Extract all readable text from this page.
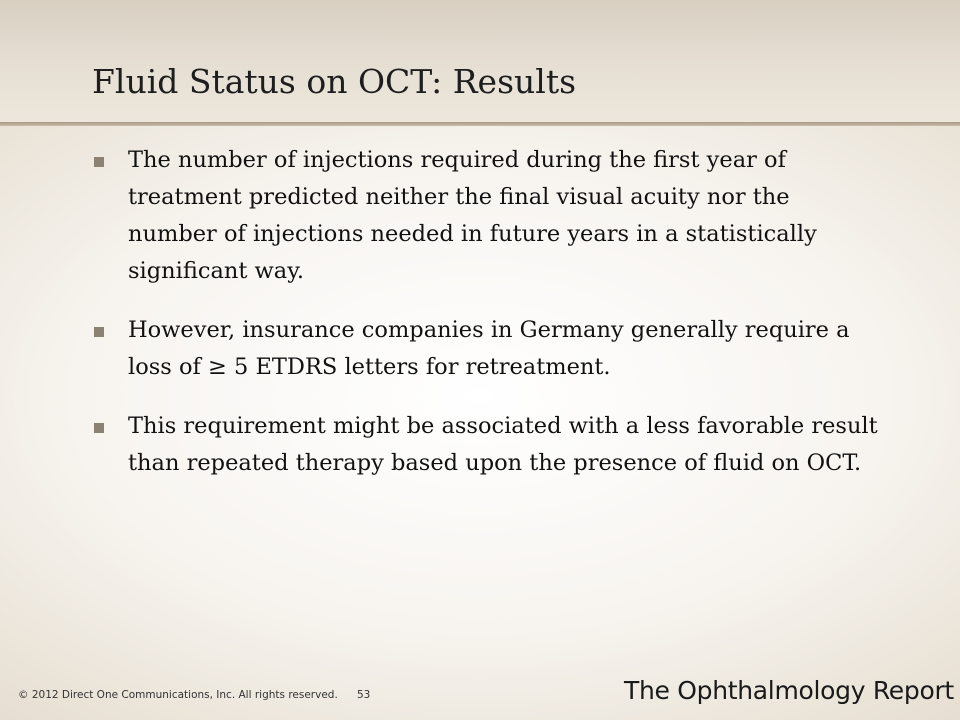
Fluid Status on OCT: Results
The number of injections required during the first year of treatment predicted neither the final visual acuity nor the number of injections needed in future years in a statistically significant way.
However, insurance companies in Germany generally require a loss of ≥ 5 ETDRS letters for retreatment.
This requirement might be associated with a less favorable result than repeated therapy based upon the presence of fluid on OCT.
© 2012 Direct One Communications, Inc. All rights reserved. 53	The Ophthalmology Report
